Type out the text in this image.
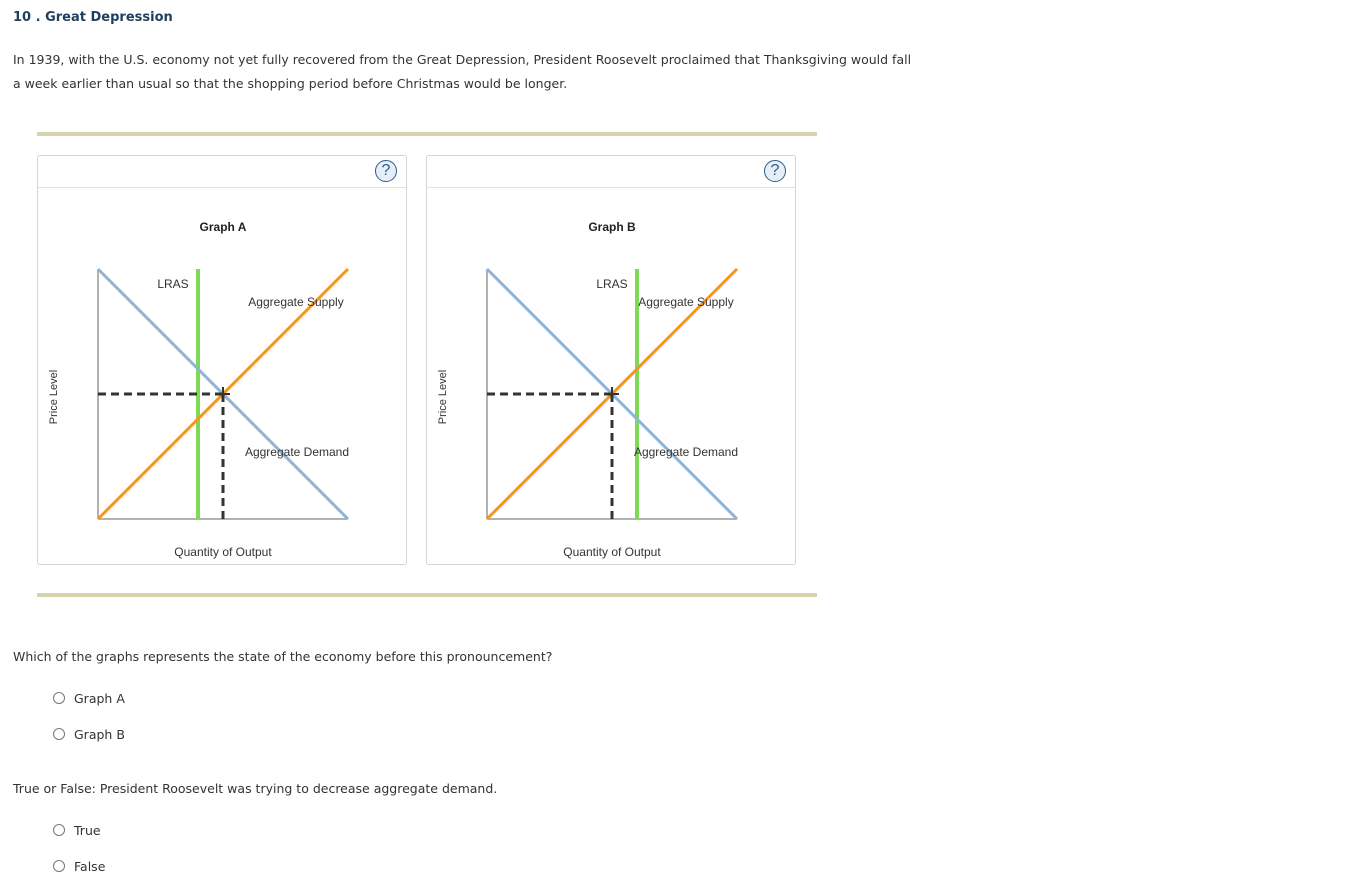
10 . Great Depression
In 1939, with the U.S. economy not yet fully recovered from the Great Depression, President Roosevelt proclaimed that Thanksgiving would fall a week earlier than usual so that the shopping period before Christmas would be longer.
?
Graph A
LRAS
Aggregate Supply
Aggregate Demand
Quantity of Output
Price Level
?
Graph B
LRAS
Aggregate Supply
Aggregate Demand
Quantity of Output
Price Level
Which of the graphs represents the state of the economy before this pronouncement?
Graph A
Graph B
True or False: President Roosevelt was trying to decrease aggregate demand.
True
False
